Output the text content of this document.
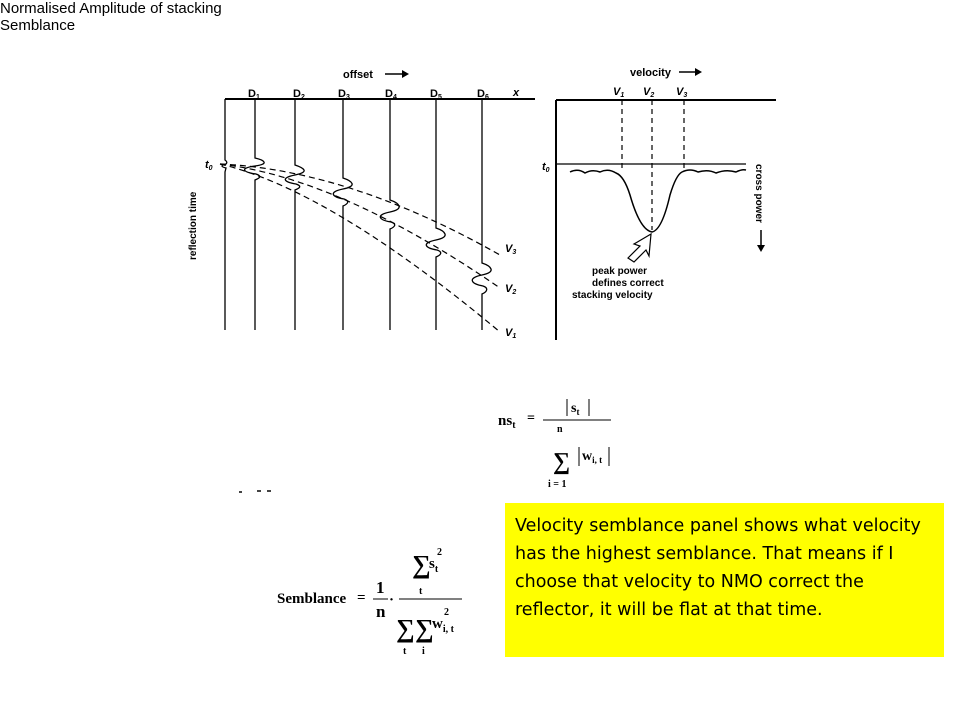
offset
x
D1	D2	D3	D4	D5	D6
reflection time
t0
V3
V2
V1
velocity
V1 V2 V3
t0	cross power
peak power
defines correct
stacking velocity
Normalised Amplitude of stacking
$ns_t$ =
$s_t$
n
∑ $w_{i, t}$
i = 1
Semblance
Semblance =
1
n
·
∑
$s_t$
2
t
∑ ∑
$w_{i, t}$
2
t i
Velocity semblance panel shows what velocity has the highest semblance. That means if I choose that velocity to NMO correct the reflector, it will be flat at that time.
